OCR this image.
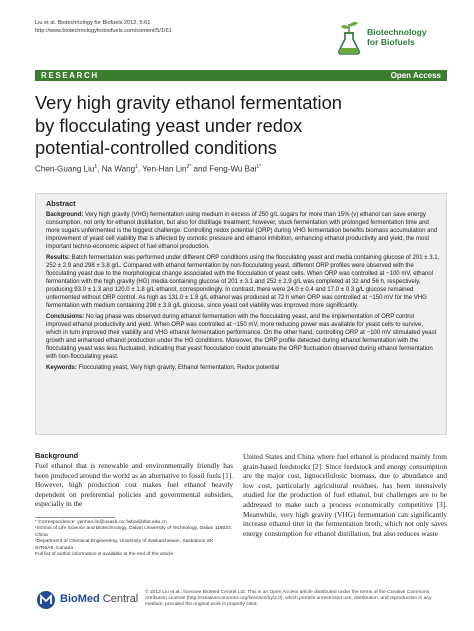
Liu et al. Biotechnology for Biofuels 2012, 5:61
http://www.biotechnologyforbiofuels.com/content/5/1/61	Biotechnology
for Biofuels
RESEARCH	Open Access
Very high gravity ethanol fermentation
by flocculating yeast under redox
potential-controlled conditions
Chen-Guang Liu$^1$, Na Wang$^1$, Yen-Han Lin$^{2*}$ and Feng-Wu Bai$^{1*}$
Abstract

Background: Very high gravity (VHG) fermentation using medium in excess of 250 g/L sugars for more than 15% (v) ethanol can save energy consumption, not only for ethanol distillation, but also for distillage treatment; however, stuck fermentation with prolonged fermentation time and more sugars unfermented is the biggest challenge. Controlling redox potential (ORP) during VHG fermentation benefits biomass accumulation and improvement of yeast cell viability that is affected by osmotic pressure and ethanol inhibition, enhancing ethanol productivity and yield, the most important techno-economic aspect of fuel ethanol production.

Results: Batch fermentation was performed under different ORP conditions using the flocculating yeast and media containing glucose of 201 ± 3.1, 252 ± 2.9 and 298 ± 3.8 g/L. Compared with ethanol fermentation by non-flocculating yeast, different ORP profiles were observed with the flocculating yeast due to the morphological change associated with the flocculation of yeast cells. When ORP was controlled at −100 mV, ethanol fermentation with the high gravity (HG) media containing glucose of 201 ± 3.1 and 252 ± 2.9 g/L was completed at 32 and 56 h, respectively, producing 93.0 ± 1.3 and 120.0 ± 1.8 g/L ethanol, correspondingly. In contrast, there were 24.0 ± 0.4 and 17.0 ± 0.3 g/L glucose remained unfermented without ORP control. As high as 131.0 ± 1.8 g/L ethanol was produced at 72 h when ORP was controlled at −150 mV for the VHG fermentation with medium containing 298 ± 3.8 g/L glucose, since yeast cell viability was improved more significantly.

Conclusions: No lag phase was observed during ethanol fermentation with the flocculating yeast, and the implementation of ORP control improved ethanol productivity and yield. When ORP was controlled at −150 mV, more reducing power was available for yeast cells to survive, which in turn improved their viability and VHG ethanol fermentation performance. On the other hand, controlling ORP at −100 mV stimulated yeast growth and enhanced ethanol production under the HG conditions. Moreover, the ORP profile detected during ethanol fermentation with the flocculating yeast was less fluctuated, indicating that yeast flocculation could attenuate the ORP fluctuation observed during ethanol fermentation with non-flocculating yeast.

Keywords: Flocculating yeast, Very high gravity, Ethanol fermentation, Redox potential

Background
Fuel ethanol that is renewable and environmentally friendly has been produced around the world as an alternative to fossil fuels [1]. However, high production cost makes fuel ethanol heavily dependent on preferential policies and governmental subsidies, especially in the
United States and China where fuel ethanol is produced mainly from grain-based feedstocks [2]. Since feedstock and energy consumption are the major cost, lignocellulosic biomass, due to abundance and low cost, particularly agricultural residues, has been intensively studied for the production of fuel ethanol, but challenges are to be addressed to make such a process economically competitive [3]. Meanwhile, very high gravity (VHG) fermentation can significantly increase ethanol titer in the fermentation broth, which not only saves energy consumption for ethanol distillation, but also reduces waste
* Correspondence: yenhan.lin@usask.ca; fwbai@dlut.edu.cn
¹School of Life Science and Biotechnology, Dalian University of Technology, Dalian 116023, China
²Department of Chemical Engineering, University of Saskatchewan, Saskatoon SK S7N5A9, Canada
Full list of author information is available at the end of the article
BioMed Central
© 2012 Liu et al.; licensee BioMed Central Ltd. This is an Open Access article distributed under the terms of the Creative Commons Attribution License (http://creativecommons.org/licenses/by/2.0), which permits unrestricted use, distribution, and reproduction in any medium, provided the original work is properly cited.
